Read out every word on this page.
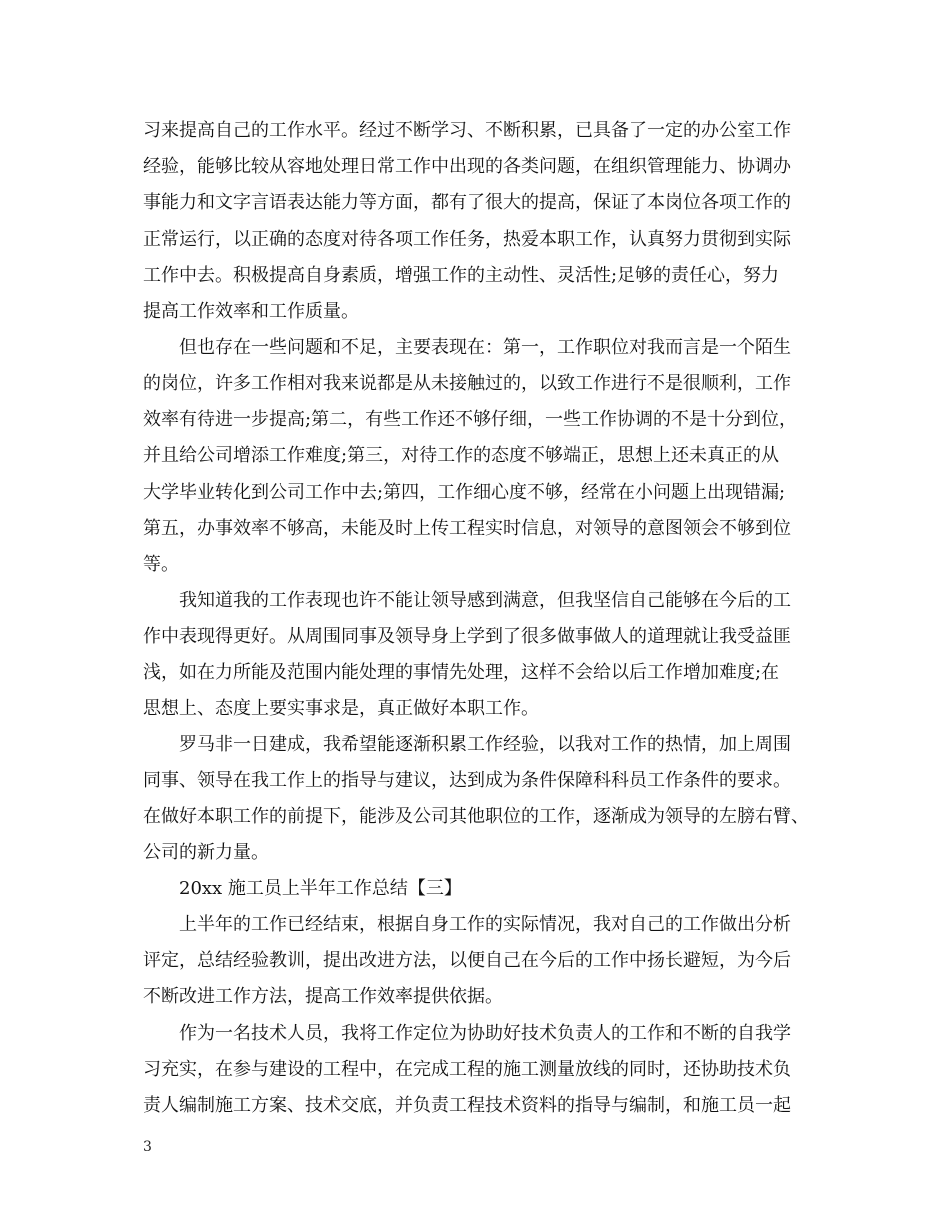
习来提高自己的工作水平。经过不断学习、不断积累，已具备了一定的办公室工作
经验，能够比较从容地处理日常工作中出现的各类问题，在组织管理能力、协调办
事能力和文字言语表达能力等方面，都有了很大的提高，保证了本岗位各项工作的
正常运行，以正确的态度对待各项工作任务，热爱本职工作，认真努力贯彻到实际
工作中去。积极提高自身素质，增强工作的主动性、灵活性;足够的责任心，努力
提高工作效率和工作质量。
但也存在一些问题和不足，主要表现在：第一，工作职位对我而言是一个陌生
的岗位，许多工作相对我来说都是从未接触过的，以致工作进行不是很顺利，工作
效率有待进一步提高;第二，有些工作还不够仔细，一些工作协调的不是十分到位，
并且给公司增添工作难度;第三，对待工作的态度不够端正，思想上还未真正的从
大学毕业转化到公司工作中去;第四，工作细心度不够，经常在小问题上出现错漏;
第五，办事效率不够高，未能及时上传工程实时信息，对领导的意图领会不够到位
等。
我知道我的工作表现也许不能让领导感到满意，但我坚信自己能够在今后的工
作中表现得更好。从周围同事及领导身上学到了很多做事做人的道理就让我受益匪
浅，如在力所能及范围内能处理的事情先处理，这样不会给以后工作增加难度;在
思想上、态度上要实事求是，真正做好本职工作。
罗马非一日建成，我希望能逐渐积累工作经验，以我对工作的热情，加上周围
同事、领导在我工作上的指导与建议，达到成为条件保障科科员工作条件的要求。
在做好本职工作的前提下，能涉及公司其他职位的工作，逐渐成为领导的左膀右臂、
公司的新力量。
20xx 施工员上半年工作总结【三】
上半年的工作已经结束，根据自身工作的实际情况，我对自己的工作做出分析
评定，总结经验教训，提出改进方法，以便自己在今后的工作中扬长避短，为今后
不断改进工作方法，提高工作效率提供依据。
作为一名技术人员，我将工作定位为协助好技术负责人的工作和不断的自我学
习充实，在参与建设的工程中，在完成工程的施工测量放线的同时，还协助技术负
责人编制施工方案、技术交底，并负责工程技术资料的指导与编制，和施工员一起
3
